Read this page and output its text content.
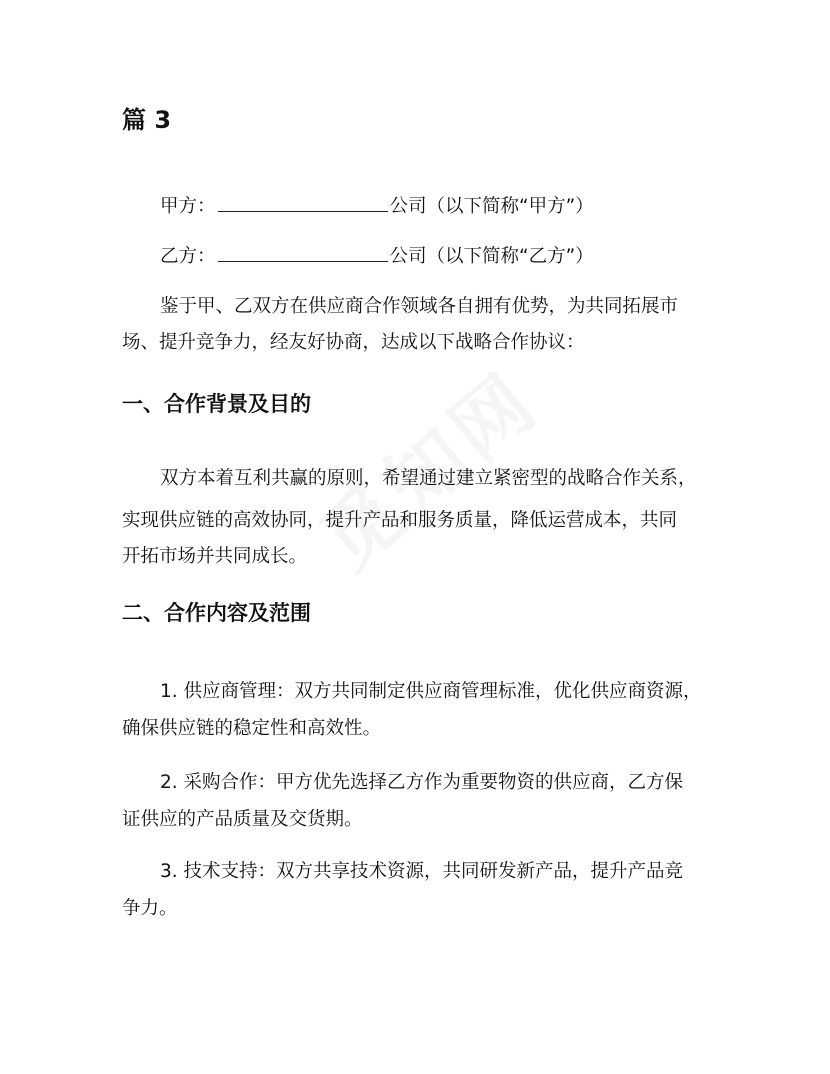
篇 3

甲方：	公司（以下简称“甲方”）

乙方：	公司（以下简称“乙方”）

鉴于甲、乙双方在供应商合作领域各自拥有优势，为共同拓展市

场、提升竞争力，经友好协商，达成以下战略合作协议：

一、合作背景及目的

双方本着互利共赢的原则，希望通过建立紧密型的战略合作关系，

实现供应链的高效协同，提升产品和服务质量，降低运营成本，共同

开拓市场并共同成长。

二、合作内容及范围

1. 供应商管理：双方共同制定供应商管理标准，优化供应商资源，

确保供应链的稳定性和高效性。

2. 采购合作：甲方优先选择乙方作为重要物资的供应商，乙方保

证供应的产品质量及交货期。

3. 技术支持：双方共享技术资源，共同研发新产品，提升产品竞

争力。
